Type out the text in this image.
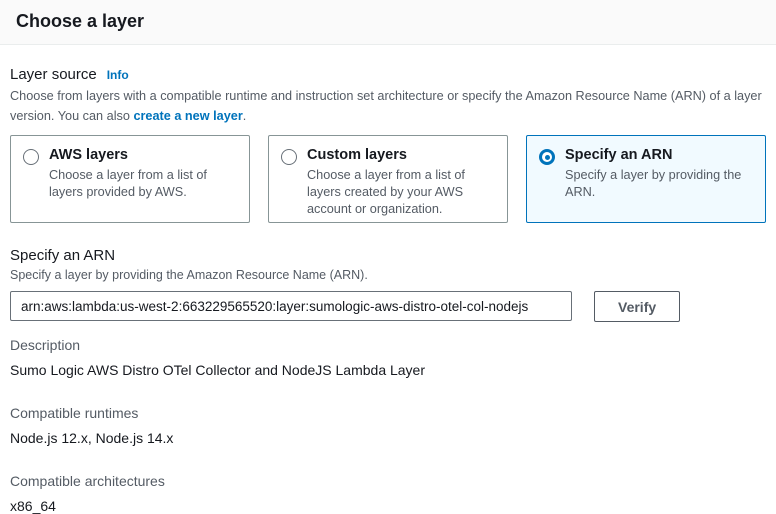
Choose a layer
Layer source Info
Choose from layers with a compatible runtime and instruction set architecture or specify the Amazon Resource Name (ARN) of a layer version. You can also create a new layer.
AWS layers
Choose a layer from a list of layers provided by AWS.
Custom layers
Choose a layer from a list of layers created by your AWS account or organization.
Specify an ARN
Specify a layer by providing the ARN.
Specify an ARN
Specify a layer by providing the Amazon Resource Name (ARN).
arn:aws:lambda:us-west-2:663229565520:layer:sumologic-aws-distro-otel-col-nodejs
Verify
Description
Sumo Logic AWS Distro OTel Collector and NodeJS Lambda Layer
Compatible runtimes
Node.js 12.x, Node.js 14.x
Compatible architectures
x86_64
